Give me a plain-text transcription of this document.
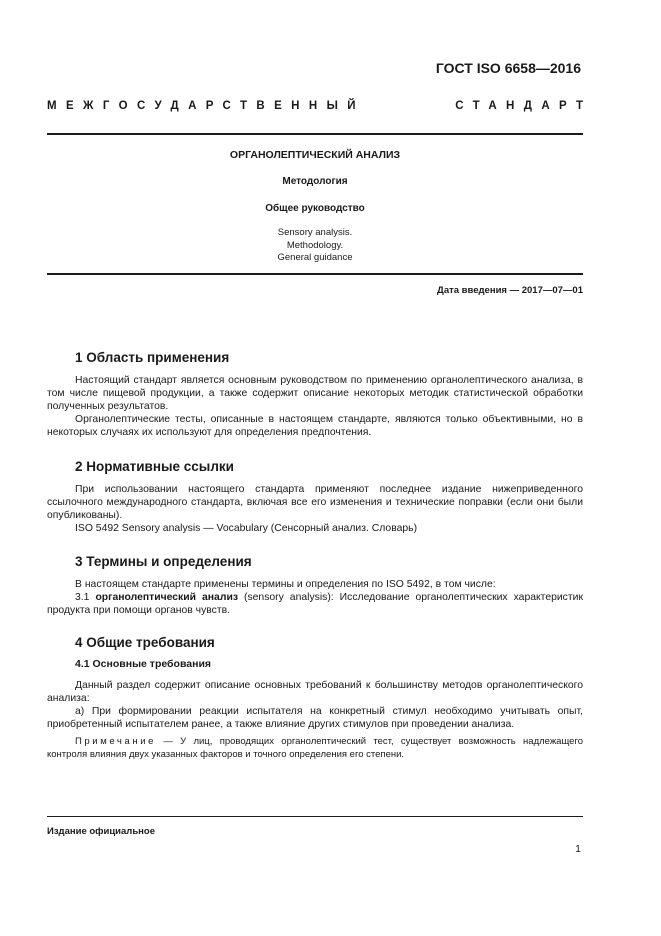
ГОСТ ISO 6658—2016
МЕЖГОСУДАРСТВЕННЫЙ	СТАНДАРТ
ОРГАНОЛЕПТИЧЕСКИЙ АНАЛИЗ
Методология
Общее руководство
Sensory analysis.
Methodology.
General guidance
Дата введения — 2017—07—01
1 Область применения

Настоящий стандарт является основным руководством по применению органолептического анализа, в том числе пищевой продукции, а также содержит описание некоторых методик статистической обработки полученных результатов.

Органолептические тесты, описанные в настоящем стандарте, являются только объективными, но в некоторых случаях их используют для определения предпочтения.

2 Нормативные ссылки

При использовании настоящего стандарта применяют последнее издание нижеприведенного ссылочного международного стандарта, включая все его изменения и технические поправки (если они были опубликованы).

ISO 5492 Sensory analysis — Vocabulary (Сенсорный анализ. Словарь)

3 Термины и определения

В настоящем стандарте применены термины и определения по ISO 5492, в том числе:

3.1 органолептический анализ (sensory analysis): Исследование органолептических характеристик продукта при помощи органов чувств.

4 Общие требования
4.1 Основные требования

Данный раздел содержит описание основных требований к большинству методов органолептического анализа:

а) При формировании реакции испытателя на конкретный стимул необходимо учитывать опыт, приобретенный испытателем ранее, а также влияние других стимулов при проведении анализа.

Примечание — У лиц, проводящих органолептический тест, существует возможность надлежащего контроля влияния двух указанных факторов и точного определения его степени.

Издание официальное
1
